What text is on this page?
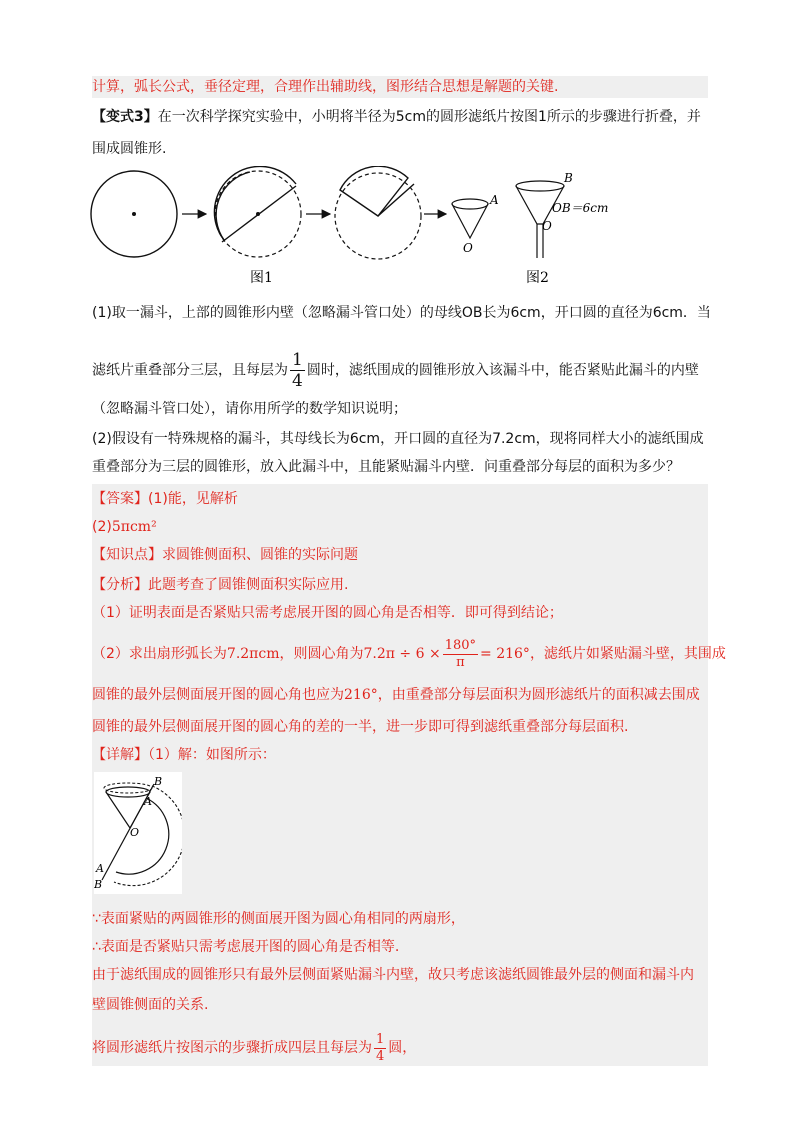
计算，弧长公式，垂径定理，合理作出辅助线，图形结合思想是解题的关键.
【变式3】在一次科学探究实验中，小明将半径为5cm的圆形滤纸片按图1所示的步骤进行折叠，并
围成圆锥形.
A
O
图1
B
O
OB＝6cm
图2
(1)取一漏斗，上部的圆锥形内壁（忽略漏斗管口处）的母线OB长为6cm，开口圆的直径为6cm．当
滤纸片重叠部分三层，且每层为 $\frac{1}{4}$ 圆时，滤纸围成的圆锥形放入该漏斗中，能否紧贴此漏斗的内壁
（忽略漏斗管口处），请你用所学的数学知识说明；
(2)假设有一特殊规格的漏斗，其母线长为6cm，开口圆的直径为7.2cm，现将同样大小的滤纸围成
重叠部分为三层的圆锥形，放入此漏斗中，且能紧贴漏斗内壁．问重叠部分每层的面积为多少？
【答案】(1)能，见解析
(2)5πcm²
【知识点】求圆锥侧面积、圆锥的实际问题
【分析】此题考查了圆锥侧面积实际应用.
（1）证明表面是否紧贴只需考虑展开图的圆心角是否相等．即可得到结论；
（2）求出扇形弧长为7.2πcm，则圆心角为$7.2\pi \div 6 \times \frac{180^\circ}{\pi} = 216^\circ$，滤纸片如紧贴漏斗壁，其围成
圆锥的最外层侧面展开图的圆心角也应为216°，由重叠部分每层面积为圆形滤纸片的面积减去围成
圆锥的最外层侧面展开图的圆心角的差的一半，进一步即可得到滤纸重叠部分每层面积.
【详解】（1）解：如图所示：
B
A
O
A
B
∵表面紧贴的两圆锥形的侧面展开图为圆心角相同的两扇形，
∴表面是否紧贴只需考虑展开图的圆心角是否相等.
由于滤纸围成的圆锥形只有最外层侧面紧贴漏斗内壁，故只考虑该滤纸圆锥最外层的侧面和漏斗内
壁圆锥侧面的关系.
将圆形滤纸片按图示的步骤折成四层且每层为 $\frac{1}{4}$ 圆，
